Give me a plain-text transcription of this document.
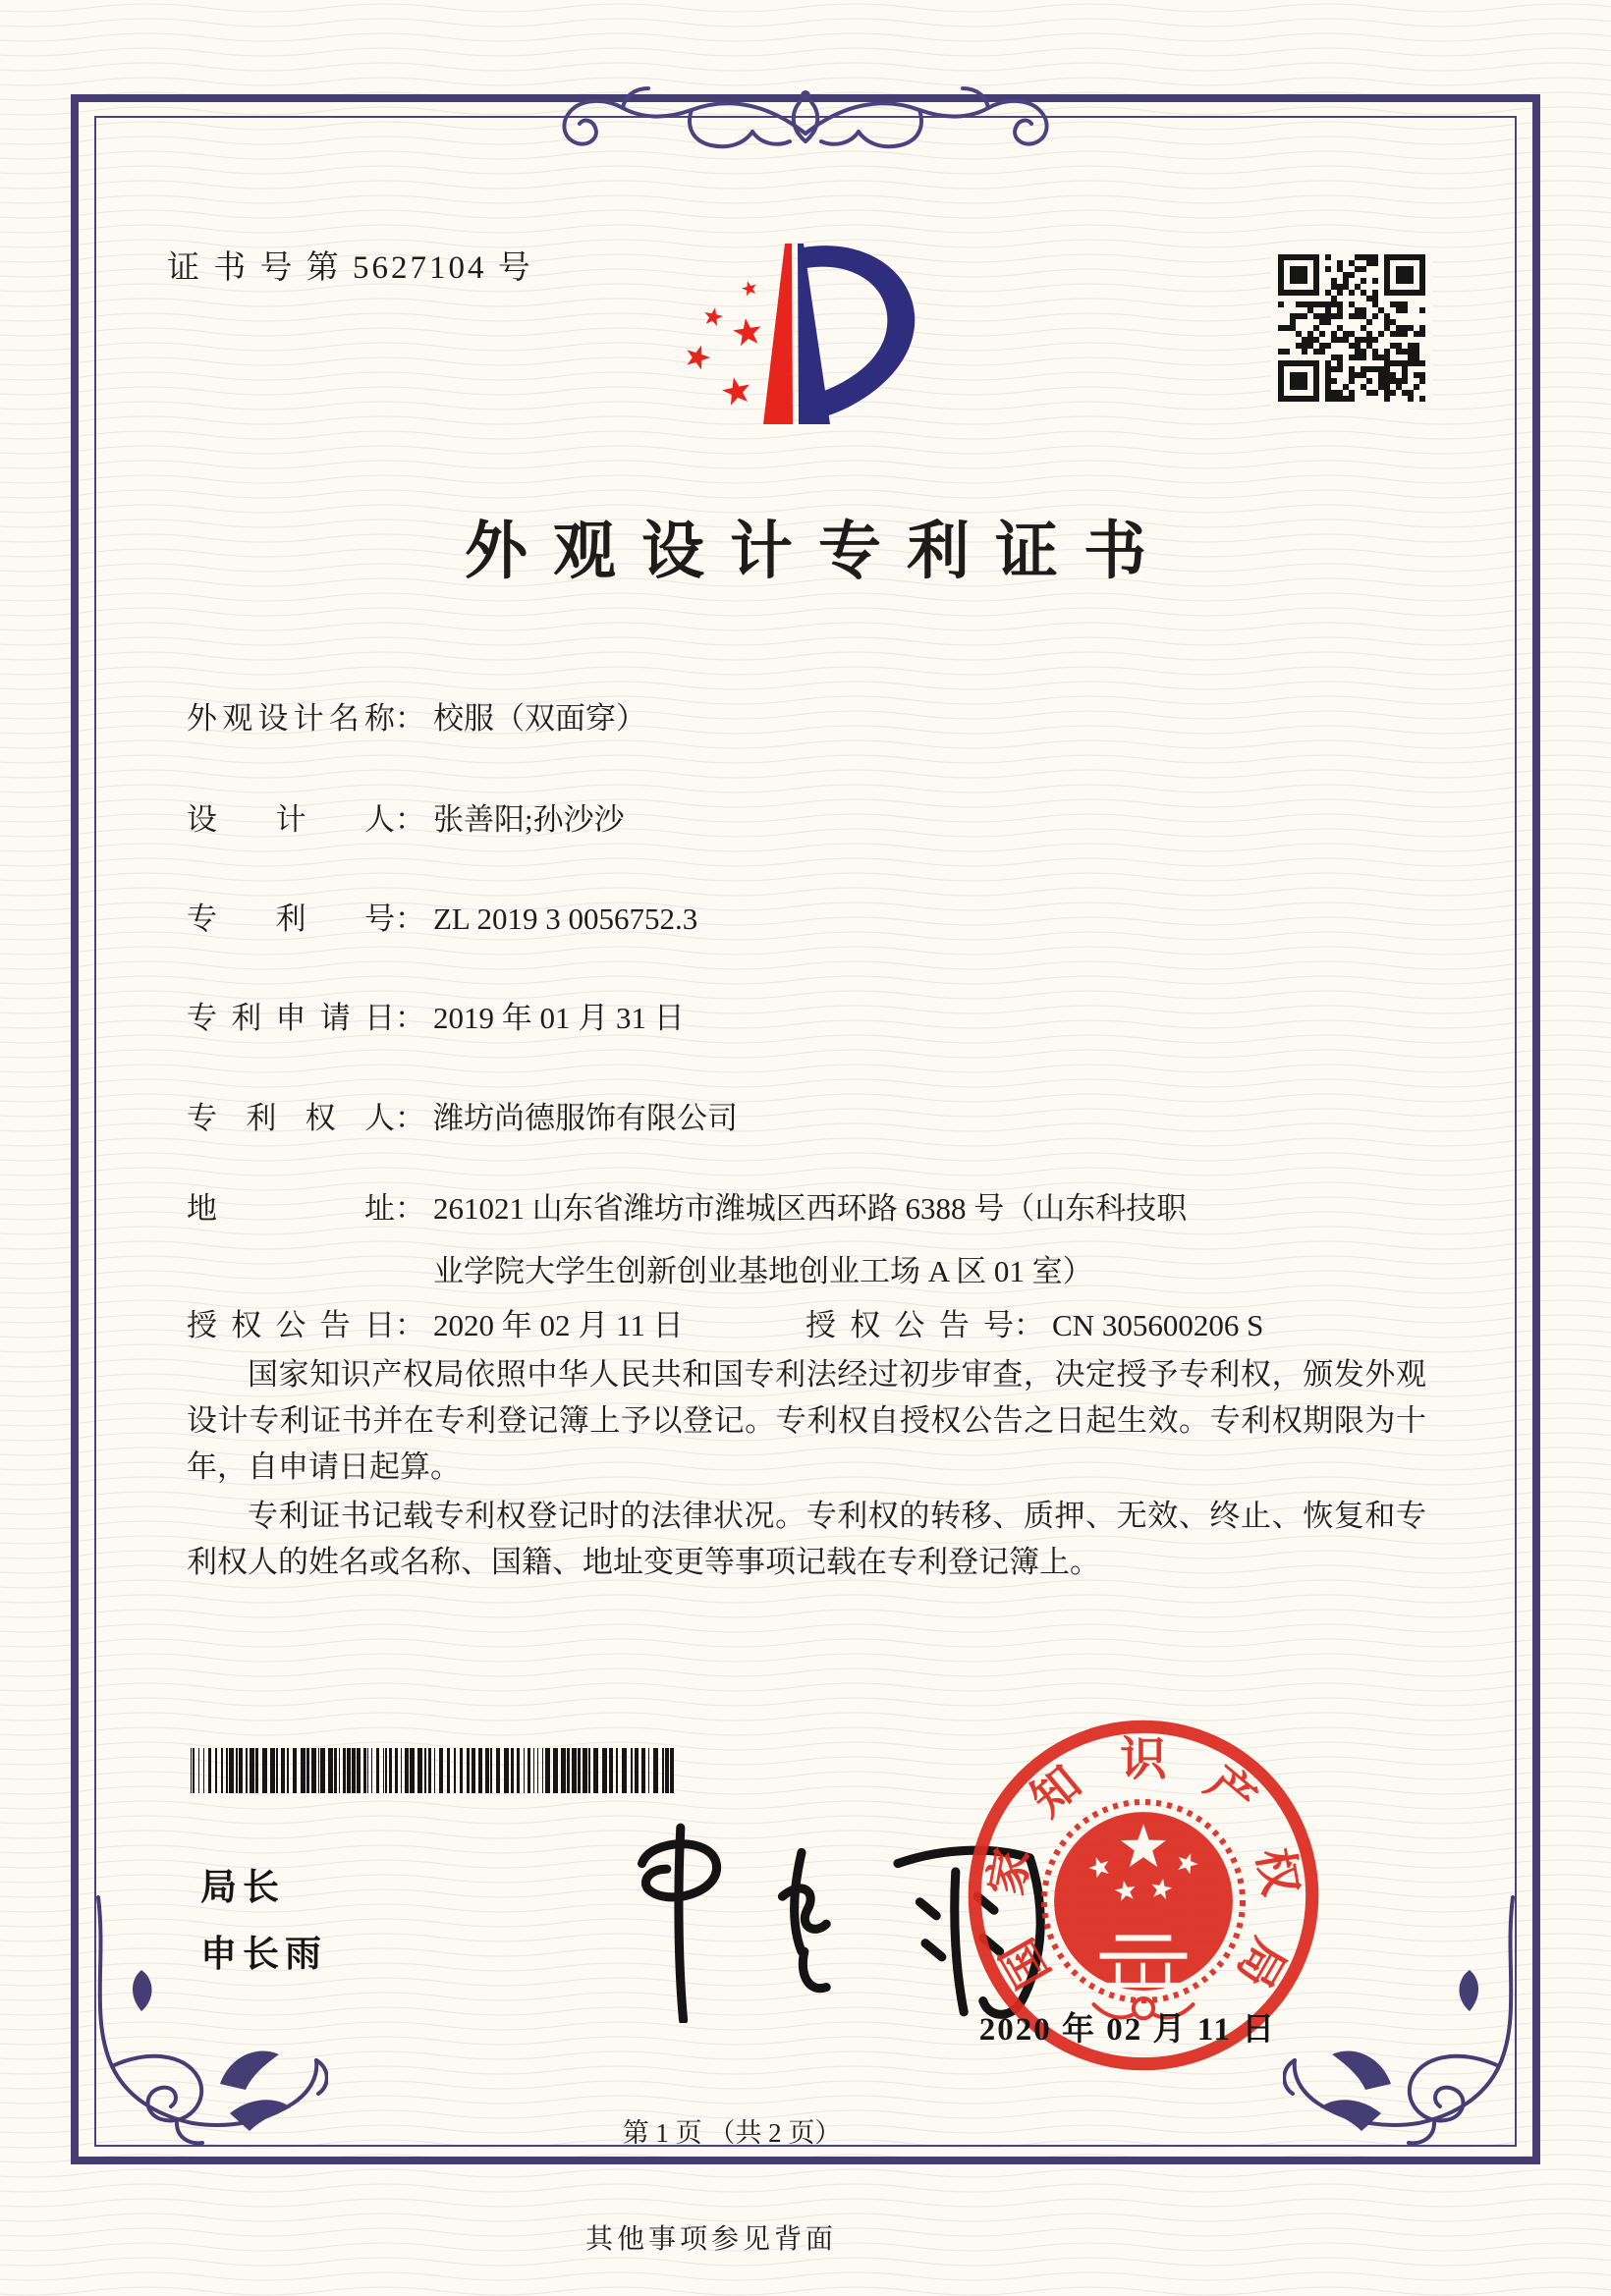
证 书 号 第 5627104 号
外观设计专利证书
外观设计名称： 校服（双面穿）
设计人： 张善阳;孙沙沙
专利号： ZL 2019 3 0056752.3
专利申请日： 2019 年 01 月 31 日
专利权人： 潍坊尚德服饰有限公司
地址： 261021 山东省潍坊市潍城区西环路 6388 号（山东科技职
业学院大学生创新创业基地创业工场 A 区 01 室）
授权公告日： 2020 年 02 月 11 日	授权公告号： CN 305600206 S
国家知识产权局依照中华人民共和国专利法经过初步审查，决定授予专利权，颁发外观设计专利证书并在专利登记簿上予以登记。专利权自授权公告之日起生效。专利权期限为十年，自申请日起算。
专利证书记载专利权登记时的法律状况。专利权的转移、质押、无效、终止、恢复和专利权人的姓名或名称、国籍、地址变更等事项记载在专利登记簿上。
局长
申长雨	国
家
知 识 产
权
局
2020 年 02 月 11 日
第 1 页 （共 2 页）
其他事项参见背面
